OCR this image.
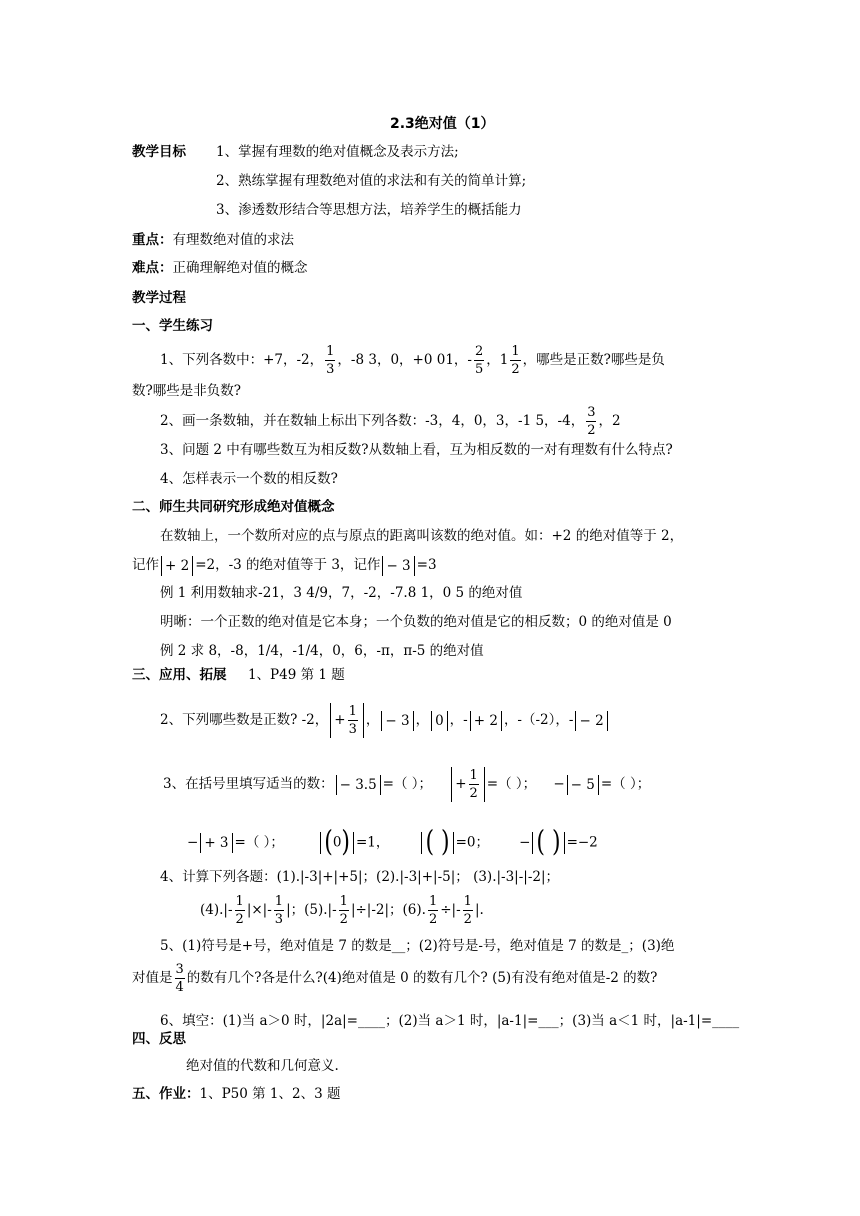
2.3绝对值（1）
教学目标 1、掌握有理数的绝对值概念及表示方法;
2、熟练掌握有理数绝对值的求法和有关的简单计算;
3、渗透数形结合等思想方法，培养学生的概括能力
重点：有理数绝对值的求法
难点：正确理解绝对值的概念
教学过程
一、学生练习
1、下列各数中：+7，-2， $\frac{1}{3}$ ，-8 3，0，+0 01，- $\frac{2}{5}$ ，$1 \frac{1}{2}$ ，哪些是正数?哪些是负
数?哪些是非负数?
2、画一条数轴，并在数轴上标出下列各数：-3，4，0，3，-1 5，-4， $\frac{3}{2}$ ，2
3、问题 2 中有哪些数互为相反数?从数轴上看，互为相反数的一对有理数有什么特点?
4、怎样表示一个数的相反数?
二、师生共同研究形成绝对值概念
在数轴上，一个数所对应的点与原点的距离叫该数的绝对值。如：+2 的绝对值等于 2，
记作 + 2 =2，-3 的绝对值等于 3，记作 − 3 =3
例 1 利用数轴求-21，3 4/9，7，-2，-7.8 1，0 5 的绝对值
明晰：一个正数的绝对值是它本身；一个负数的绝对值是它的相反数；0 的绝对值是 0
例 2 求 8，-8，1/4，-1/4，0，6，-π，π-5 的绝对值
三、应用、拓展 1、P49 第 1 题
2、下列哪些数是正数? -2， + $\frac{1}{3}$ ， − 3 ， 0 ，- + 2 ，-（-2），- − 2
3、在括号里填写适当的数： − 3.5 =（ ）； + $\frac{1}{2}$ =（ ）； − − 5 =（ ）；
− + 3 =（ ）； (0) =1， ( ) =0； − ( ) =−2
4、计算下列各题：(1).|-3|+|+5|；(2).|-3|+|-5|； (3).|-3|-|-2|；
$(4).|- \frac{1}{2}$ |×|- $\frac{1}{3}$ |；$(5).|- \frac{1}{2} |\div|-2|$；(6). $\frac{1}{2}$ ÷|- $\frac{1}{2}$ |.
5、(1)符号是+号，绝对值是 7 的数是__；(2)符号是-号，绝对值是 7 的数是_；(3)绝
对值是 $\frac{3}{4}$ 的数有几个?各是什么?(4)绝对值是 0 的数有几个? (5)有没有绝对值是-2 的数?
6、填空：(1)当 a＞0 时，|2a|=____；(2)当 a＞1 时，|a-1|=___；(3)当 a＜1 时，|a-1|=____
四、反思
绝对值的代数和几何意义.
五、作业：1、P50 第 1、2、3 题
